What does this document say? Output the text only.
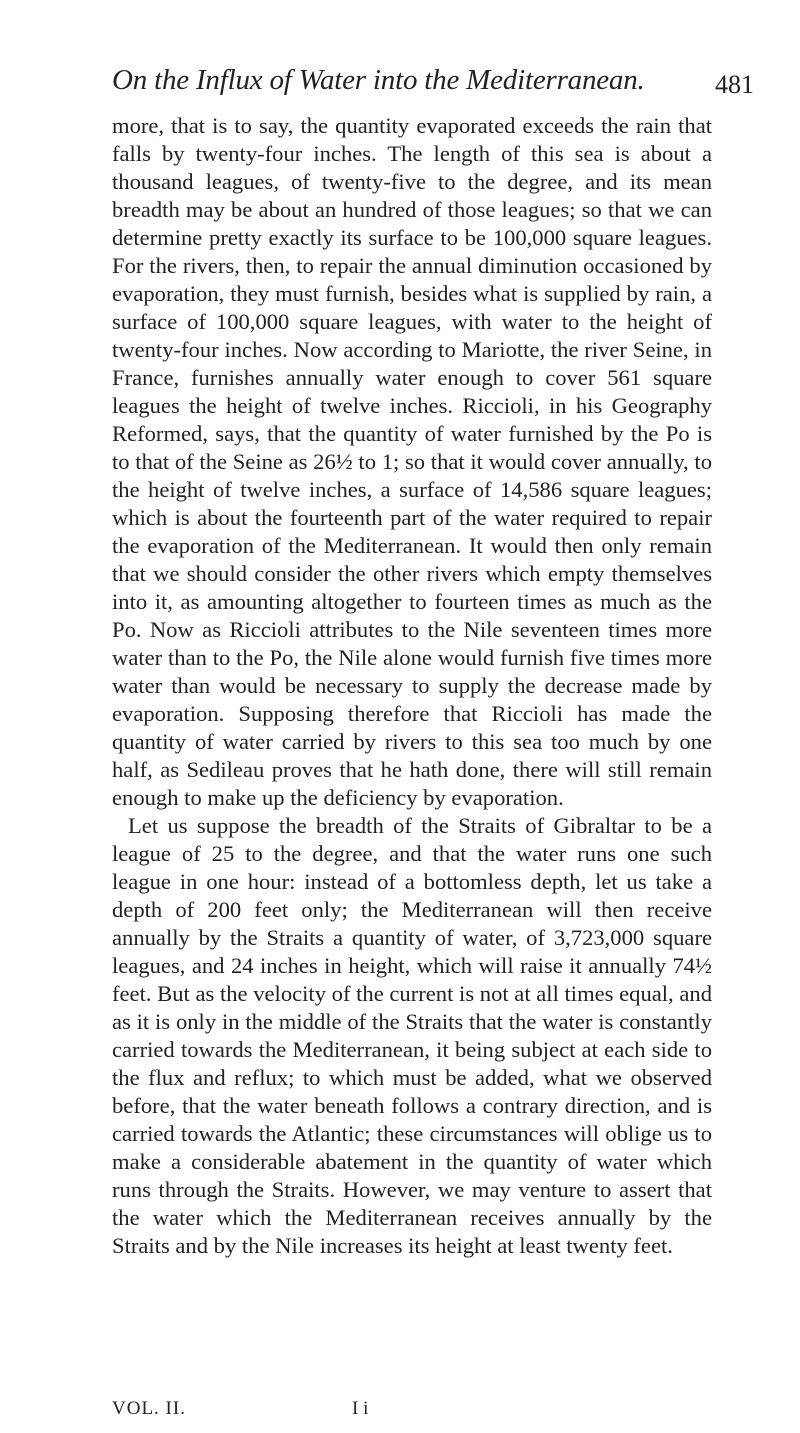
On the Influx of Water into the Mediterranean.	481

more, that is to say, the quantity evaporated exceeds the rain that falls by twenty-four inches. The length of this sea is about a thousand leagues, of twenty-five to the degree, and its mean breadth may be about an hundred of those leagues; so that we can determine pretty exactly its surface to be 100,000 square leagues. For the rivers, then, to repair the annual diminution occasioned by evaporation, they must furnish, besides what is supplied by rain, a surface of 100,000 square leagues, with water to the height of twenty-four inches. Now according to Mariotte, the river Seine, in France, furnishes annually water enough to cover 561 square leagues the height of twelve inches. Riccioli, in his Geography Reformed, says, that the quantity of water furnished by the Po is to that of the Seine as 26½ to 1; so that it would cover annually, to the height of twelve inches, a surface of 14,586 square leagues; which is about the fourteenth part of the water required to repair the evaporation of the Mediterranean. It would then only remain that we should consider the other rivers which empty themselves into it, as amounting altogether to fourteen times as much as the Po. Now as Riccioli attributes to the Nile seventeen times more water than to the Po, the Nile alone would furnish five times more water than would be necessary to supply the decrease made by evaporation. Supposing therefore that Riccioli has made the quantity of water carried by rivers to this sea too much by one half, as Sedileau proves that he hath done, there will still remain enough to make up the deficiency by evaporation.

Let us suppose the breadth of the Straits of Gibraltar to be a league of 25 to the degree, and that the water runs one such league in one hour: instead of a bottomless depth, let us take a depth of 200 feet only; the Mediterranean will then receive annually by the Straits a quantity of water, of 3,723,000 square leagues, and 24 inches in height, which will raise it annually 74½ feet. But as the velocity of the current is not at all times equal, and as it is only in the middle of the Straits that the water is constantly carried towards the Mediterranean, it being subject at each side to the flux and reflux; to which must be added, what we observed before, that the water beneath follows a contrary direction, and is carried towards the Atlantic; these circumstances will oblige us to make a considerable abatement in the quantity of water which runs through the Straits. However, we may venture to assert that the water which the Mediterranean receives annually by the Straits and by the Nile increases its height at least twenty feet.

VOL. II.	I i
